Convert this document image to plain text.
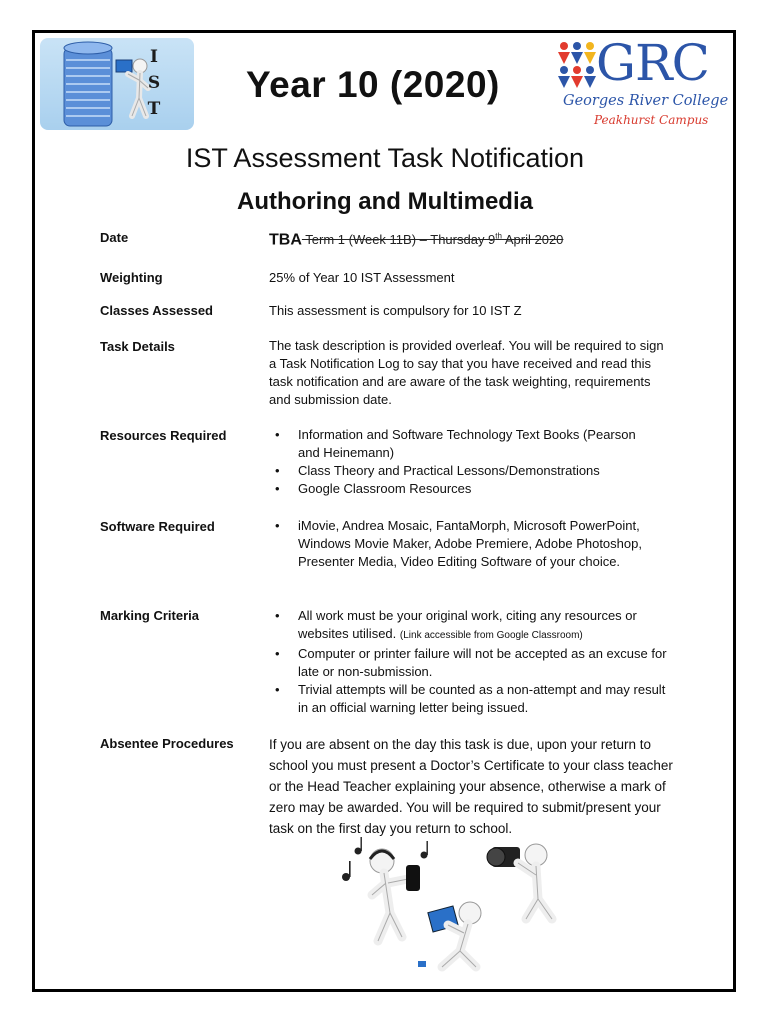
I
S
T
Year 10 (2020) GRC
Georges River College
Peakhurst Campus
IST Assessment Task Notification
Authoring and Multimedia
Date	TBA Term 1 (Week 11B) – Thursday 9th April 2020
Weighting	25% of Year 10 IST Assessment
Classes Assessed	This assessment is compulsory for 10 IST Z
Task Details	The task description is provided overleaf. You will be required to sign a Task Notification Log to say that you have received and read this task notification and are aware of the task weighting, requirements and submission date.
Resources Required	• Information and Software Technology Text Books (Pearson and Heinemann)
• Class Theory and Practical Lessons/Demonstrations
• Google Classroom Resources
Software Required	• iMovie, Andrea Mosaic, FantaMorph, Microsoft PowerPoint, Windows Movie Maker, Adobe Premiere, Adobe Photoshop, Presenter Media, Video Editing Software of your choice.
Marking Criteria	• All work must be your original work, citing any resources or websites utilised. (Link accessible from Google Classroom)
• Computer or printer failure will not be accepted as an excuse for late or non-submission.
• Trivial attempts will be counted as a non-attempt and may result in an official warning letter being issued.
Absentee Procedures	If you are absent on the day this task is due, upon your return to school you must present a Doctor’s Certificate to your class teacher or the Head Teacher explaining your absence, otherwise a mark of zero may be awarded. You will be required to submit/present your task on the first day you return to school.
